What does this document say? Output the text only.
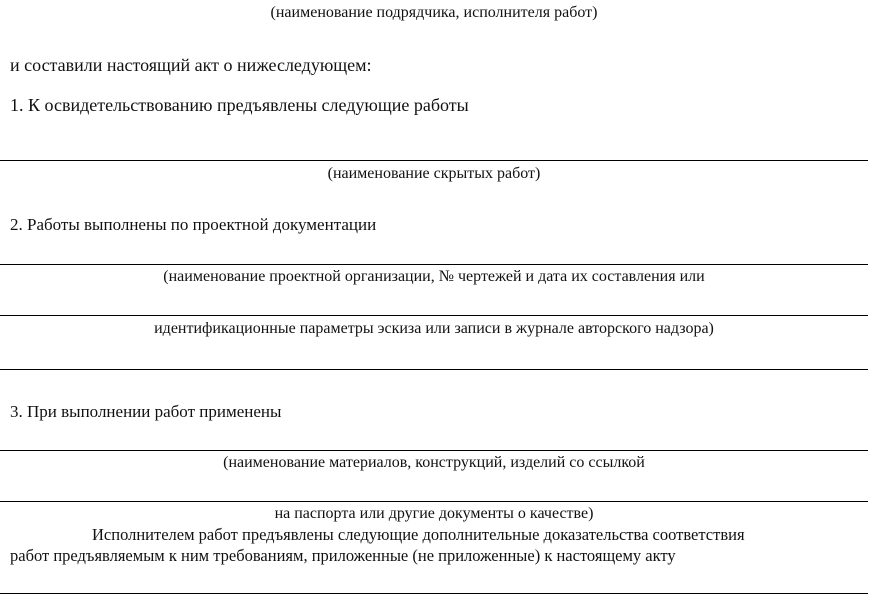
(наименование подрядчика, исполнителя работ)
и составили настоящий акт о нижеследующем:
1. К освидетельствованию предъявлены следующие работы
(наименование скрытых работ)
2. Работы выполнены по проектной документации
(наименование проектной организации, № чертежей и дата их составления или
идентификационные параметры эскиза или записи в журнале авторского надзора)
3. При выполнении работ применены
(наименование материалов, конструкций, изделий со ссылкой
на паспорта или другие документы о качестве)
Исполнителем работ предъявлены следующие дополнительные доказательства соответствия
работ предъявляемым к ним требованиям, приложенные (не приложенные) к настоящему акту
